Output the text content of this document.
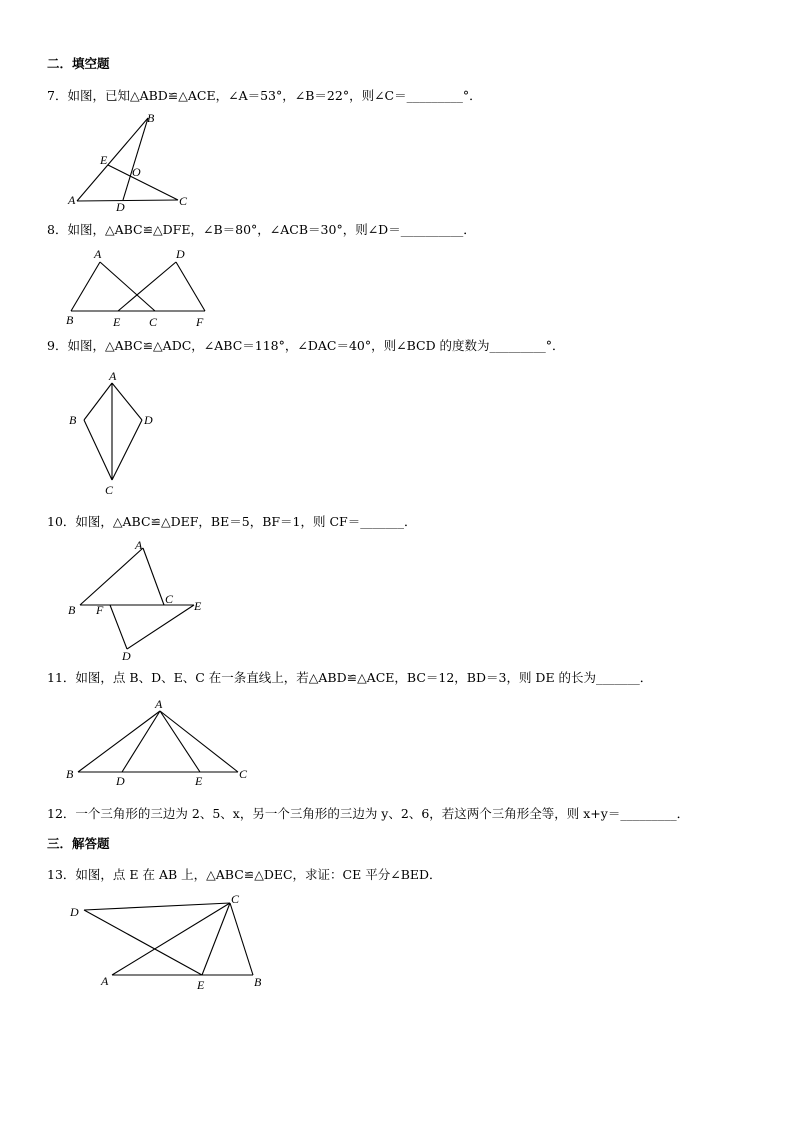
二．填空题
7．如图，已知△ABD≌△ACE，∠A＝53°，∠B＝22°，则∠C＝_________°．
B
E
O
A	D	C
8．如图，△ABC≌△DFE，∠B＝80°，∠ACB＝30°，则∠D＝__________．
A	D
B	E C	F
9．如图，△ABC≌△ADC，∠ABC＝118°，∠DAC＝40°，则∠BCD 的度数为_________°．
A
B	D
C
10．如图，△ABC≌△DEF，BE＝5，BF＝1，则 CF＝_______．
A
C E
B F
D
11．如图，点 B、D、E、C 在一条直线上，若△ABD≌△ACE，BC＝12，BD＝3，则 DE 的长为_______．
A
B	D	E	C
12．一个三角形的三边为 2、5、x，另一个三角形的三边为 y、2、6，若这两个三角形全等，则 x+y＝_________．
三．解答题
13．如图，点 E 在 AB 上，△ABC≌△DEC，求证：CE 平分∠BED．
D
C
A	E	B
